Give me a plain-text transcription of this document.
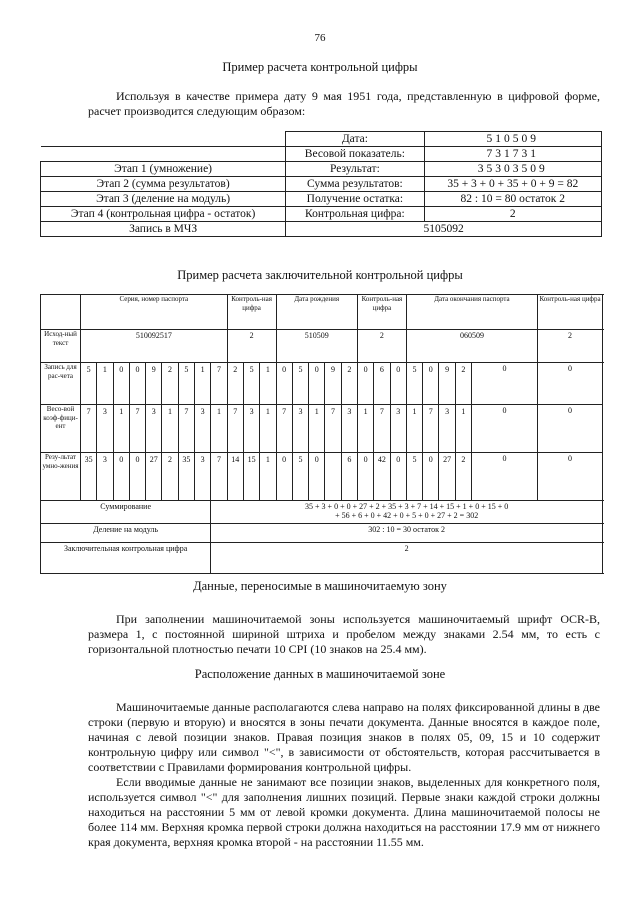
76
Пример расчета контрольной цифры
Используя в качестве примера дату 9 мая 1951 года, представленную в цифровой форме, расчет производится следующим образом:
	Дата:	510509
	Весовой показатель:	731731
Этап 1 (умножение)	Результат:	35303509
Этап 2 (сумма результатов)	Сумма результатов:	35 + 3 + 0 + 35 + 0 + 9 = 82
Этап 3 (деление на модуль)	Получение остатка:	82 : 10 = 80 остаток 2
Этап 4 (контрольная цифра - остаток)	Контрольная цифра:	2
Запись в МЧЗ	5105092	
Пример расчета заключительной контрольной цифры
	Серия, номер паспорта									Контроль-ная цифра			Дата рождения					Контроль-ная цифра			Дата окончания паспорта					Контроль-ная цифра		
Исход-ный текст	510092517									2			510509					2			060509					2		
Запись для рас-чета	5	1	0	0	9	2	5	1	7	2	5	1	0	5	0	9	2	0	6	0	5	0	9	2	0	0	
Весо-вой коэф-фици-ент	7	3	1	7	3	1	7	3	1	7	3	1	7	3	1	7	3	1	7	3	1	7	3	1	0	0	
Резу-льтат умно-жения	35	3	0	0	27	2	35	3	7	14	15	1	0	5	0		6	0	42	0	5	0	27	2	0	0	
Суммирование									35 + 3 + 0 + 0 + 27 + 2 + 35 + 3 + 7 + 14 + 15 + 1 + 0 + 15 + 0
+ 56 + 6 + 0 + 42 + 0 + 5 + 0 + 27 + 2 = 302																		

Деление на модуль									302 : 10 = 30 остаток 2																		
Заключительная контрольная цифра									2																		
Данные, переносимые в машиночитаемую зону
При заполнении машиночитаемой зоны используется машиночитаемый шрифт OCR-B, размера 1, с постоянной шириной штриха и пробелом между знаками 2.54 мм, то есть с горизонтальной плотностью печати 10 CPI (10 знаков на 25.4 мм).
Расположение данных в машиночитаемой зоне
Машиночитаемые данные располагаются слева направо на полях фиксированной длины в две строки (первую и вторую) и вносятся в зоны печати документа. Данные вносятся в каждое поле, начиная с левой позиции знаков. Правая позиция знаков в полях 05, 09, 15 и 10 содержит контрольную цифру или символ "<", в зависимости от обстоятельств, которая рассчитывается в соответствии с Правилами формирования контрольной цифры.
Если вводимые данные не занимают все позиции знаков, выделенных для конкретного поля, используется символ "<" для заполнения лишних позиций. Первые знаки каждой строки должны находиться на расстоянии 5 мм от левой кромки документа. Длина машиночитаемой полосы не более 114 мм. Верхняя кромка первой строки должна находиться на расстоянии 17.9 мм от нижнего края документа, верхняя кромка второй - на расстоянии 11.55 мм.
